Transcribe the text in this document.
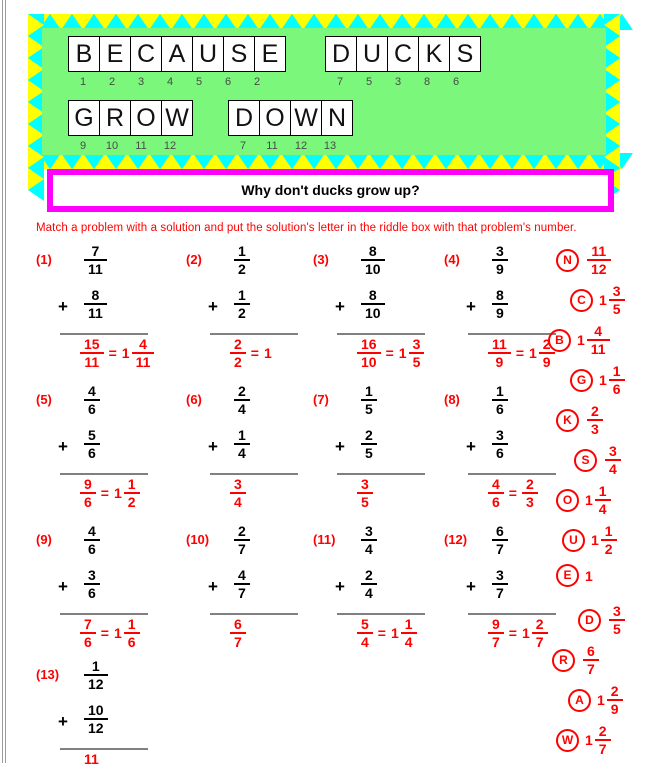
B E C A U S E
1 2 3 4 5 6 2
D U C K S
7 5 3 8 6
G R O W
9 10 11 12
D O W N
7 11 12 13
Why don't ducks grow up?
Match a problem with a solution and put the solution's letter in the riddle box with that problem's number.
(1)
7
11
+
8
11
$\frac{15}{11} = 1 \frac{4}{11}$
(2)
1
2
+
1
2
$\frac{2}{2} = 1$
(3)
8
10
+
8
10
$\frac{16}{10} = 1 \frac{3}{5}$
(4)
3
9
+
8
9
$\frac{11}{9} = 1 \frac{2}{9}$
(5)
4
6
+
5
6
$\frac{9}{6} = 1 \frac{1}{2}$
(6)
2
4
+
1
4
$\frac{3}{4}$
(7)
1
5
+
2
5
$\frac{3}{5}$
(8)
1
6
+
3
6
$\frac{4}{6} = \frac{2}{3}$
(9)
4
6
+
3
6
$\frac{7}{6} = 1 \frac{1}{6}$
(10)
2
7
+
4
7
$\frac{6}{7}$
(11)
3
4
+
2
4
$\frac{5}{4} = 1 \frac{1}{4}$
(12)
6
7
+
3
7
$\frac{9}{7} = 1 \frac{2}{7}$
(13)
1
12
+
10
12
11
N $\frac{11}{12}$
C $1 \frac{3}{5}$
B $1 \frac{4}{11}$
G $1 \frac{1}{6}$
K $\frac{2}{3}$
S $\frac{3}{4}$
O $1 \frac{1}{4}$
U $1 \frac{1}{2}$
E 1
D $\frac{3}{5}$
R $\frac{6}{7}$
A $1 \frac{2}{9}$
W $1 \frac{2}{7}$
